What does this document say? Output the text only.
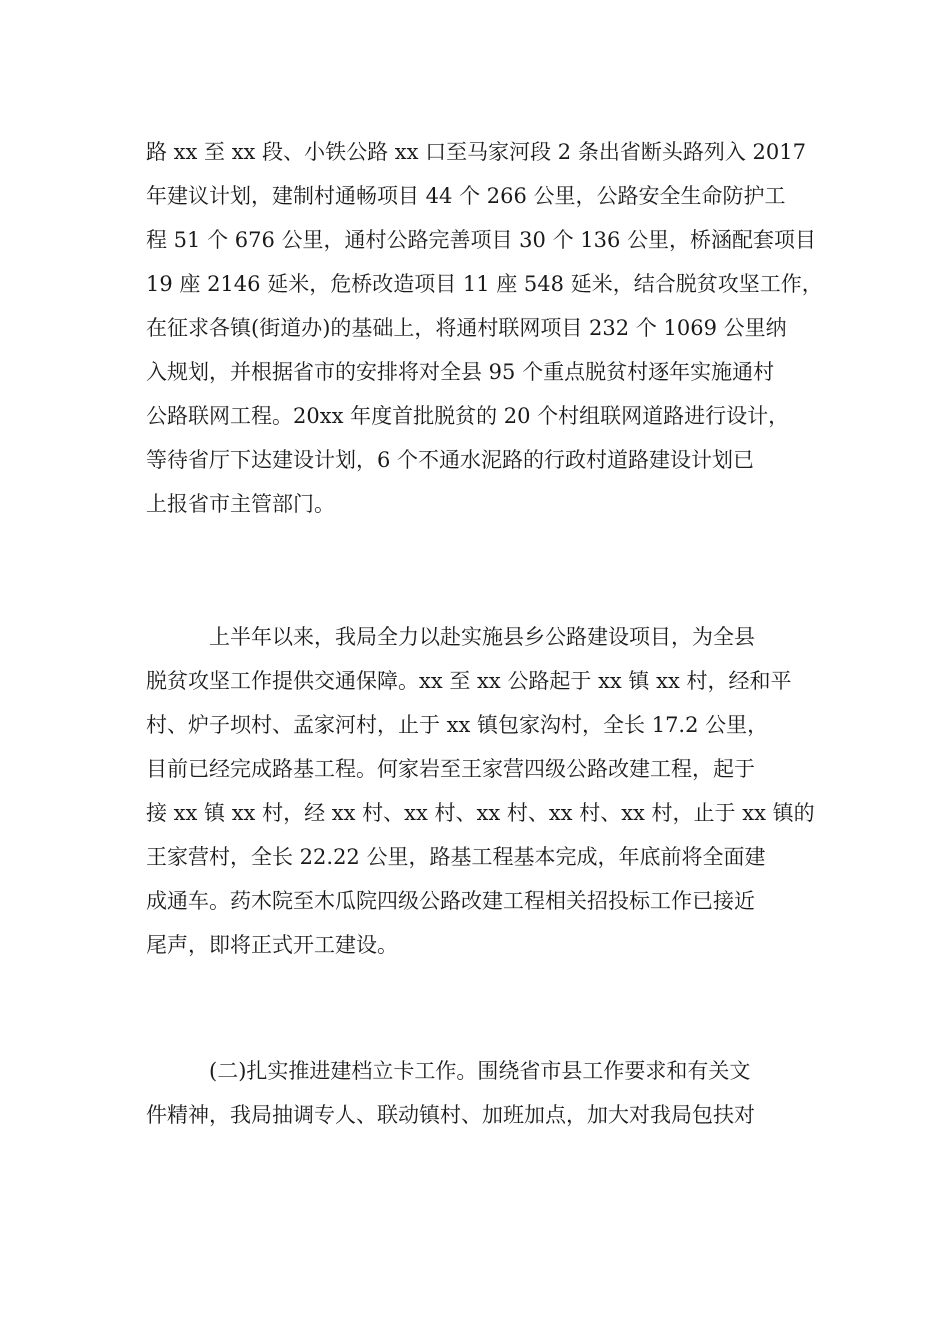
路 xx 至 xx 段、小铁公路 xx 口至马家河段 2 条出省断头路列入 2017
年建议计划，建制村通畅项目 44 个 266 公里，公路安全生命防护工
程 51 个 676 公里，通村公路完善项目 30 个 136 公里，桥涵配套项目
19 座 2146 延米，危桥改造项目 11 座 548 延米，结合脱贫攻坚工作，
在征求各镇(街道办)的基础上，将通村联网项目 232 个 1069 公里纳
入规划，并根据省市的安排将对全县 95 个重点脱贫村逐年实施通村
公路联网工程。20xx 年度首批脱贫的 20 个村组联网道路进行设计，
等待省厅下达建设计划，6 个不通水泥路的行政村道路建设计划已
上报省市主管部门。
　　　上半年以来，我局全力以赴实施县乡公路建设项目，为全县
脱贫攻坚工作提供交通保障。xx 至 xx 公路起于 xx 镇 xx 村，经和平
村、炉子坝村、孟家河村，止于 xx 镇包家沟村，全长 17.2 公里，
目前已经完成路基工程。何家岩至王家营四级公路改建工程，起于
接 xx 镇 xx 村，经 xx 村、xx 村、xx 村、xx 村、xx 村，止于 xx 镇的
王家营村，全长 22.22 公里，路基工程基本完成，年底前将全面建
成通车。药木院至木瓜院四级公路改建工程相关招投标工作已接近
尾声，即将正式开工建设。
　　　(二)扎实推进建档立卡工作。围绕省市县工作要求和有关文
件精神，我局抽调专人、联动镇村、加班加点，加大对我局包扶对
